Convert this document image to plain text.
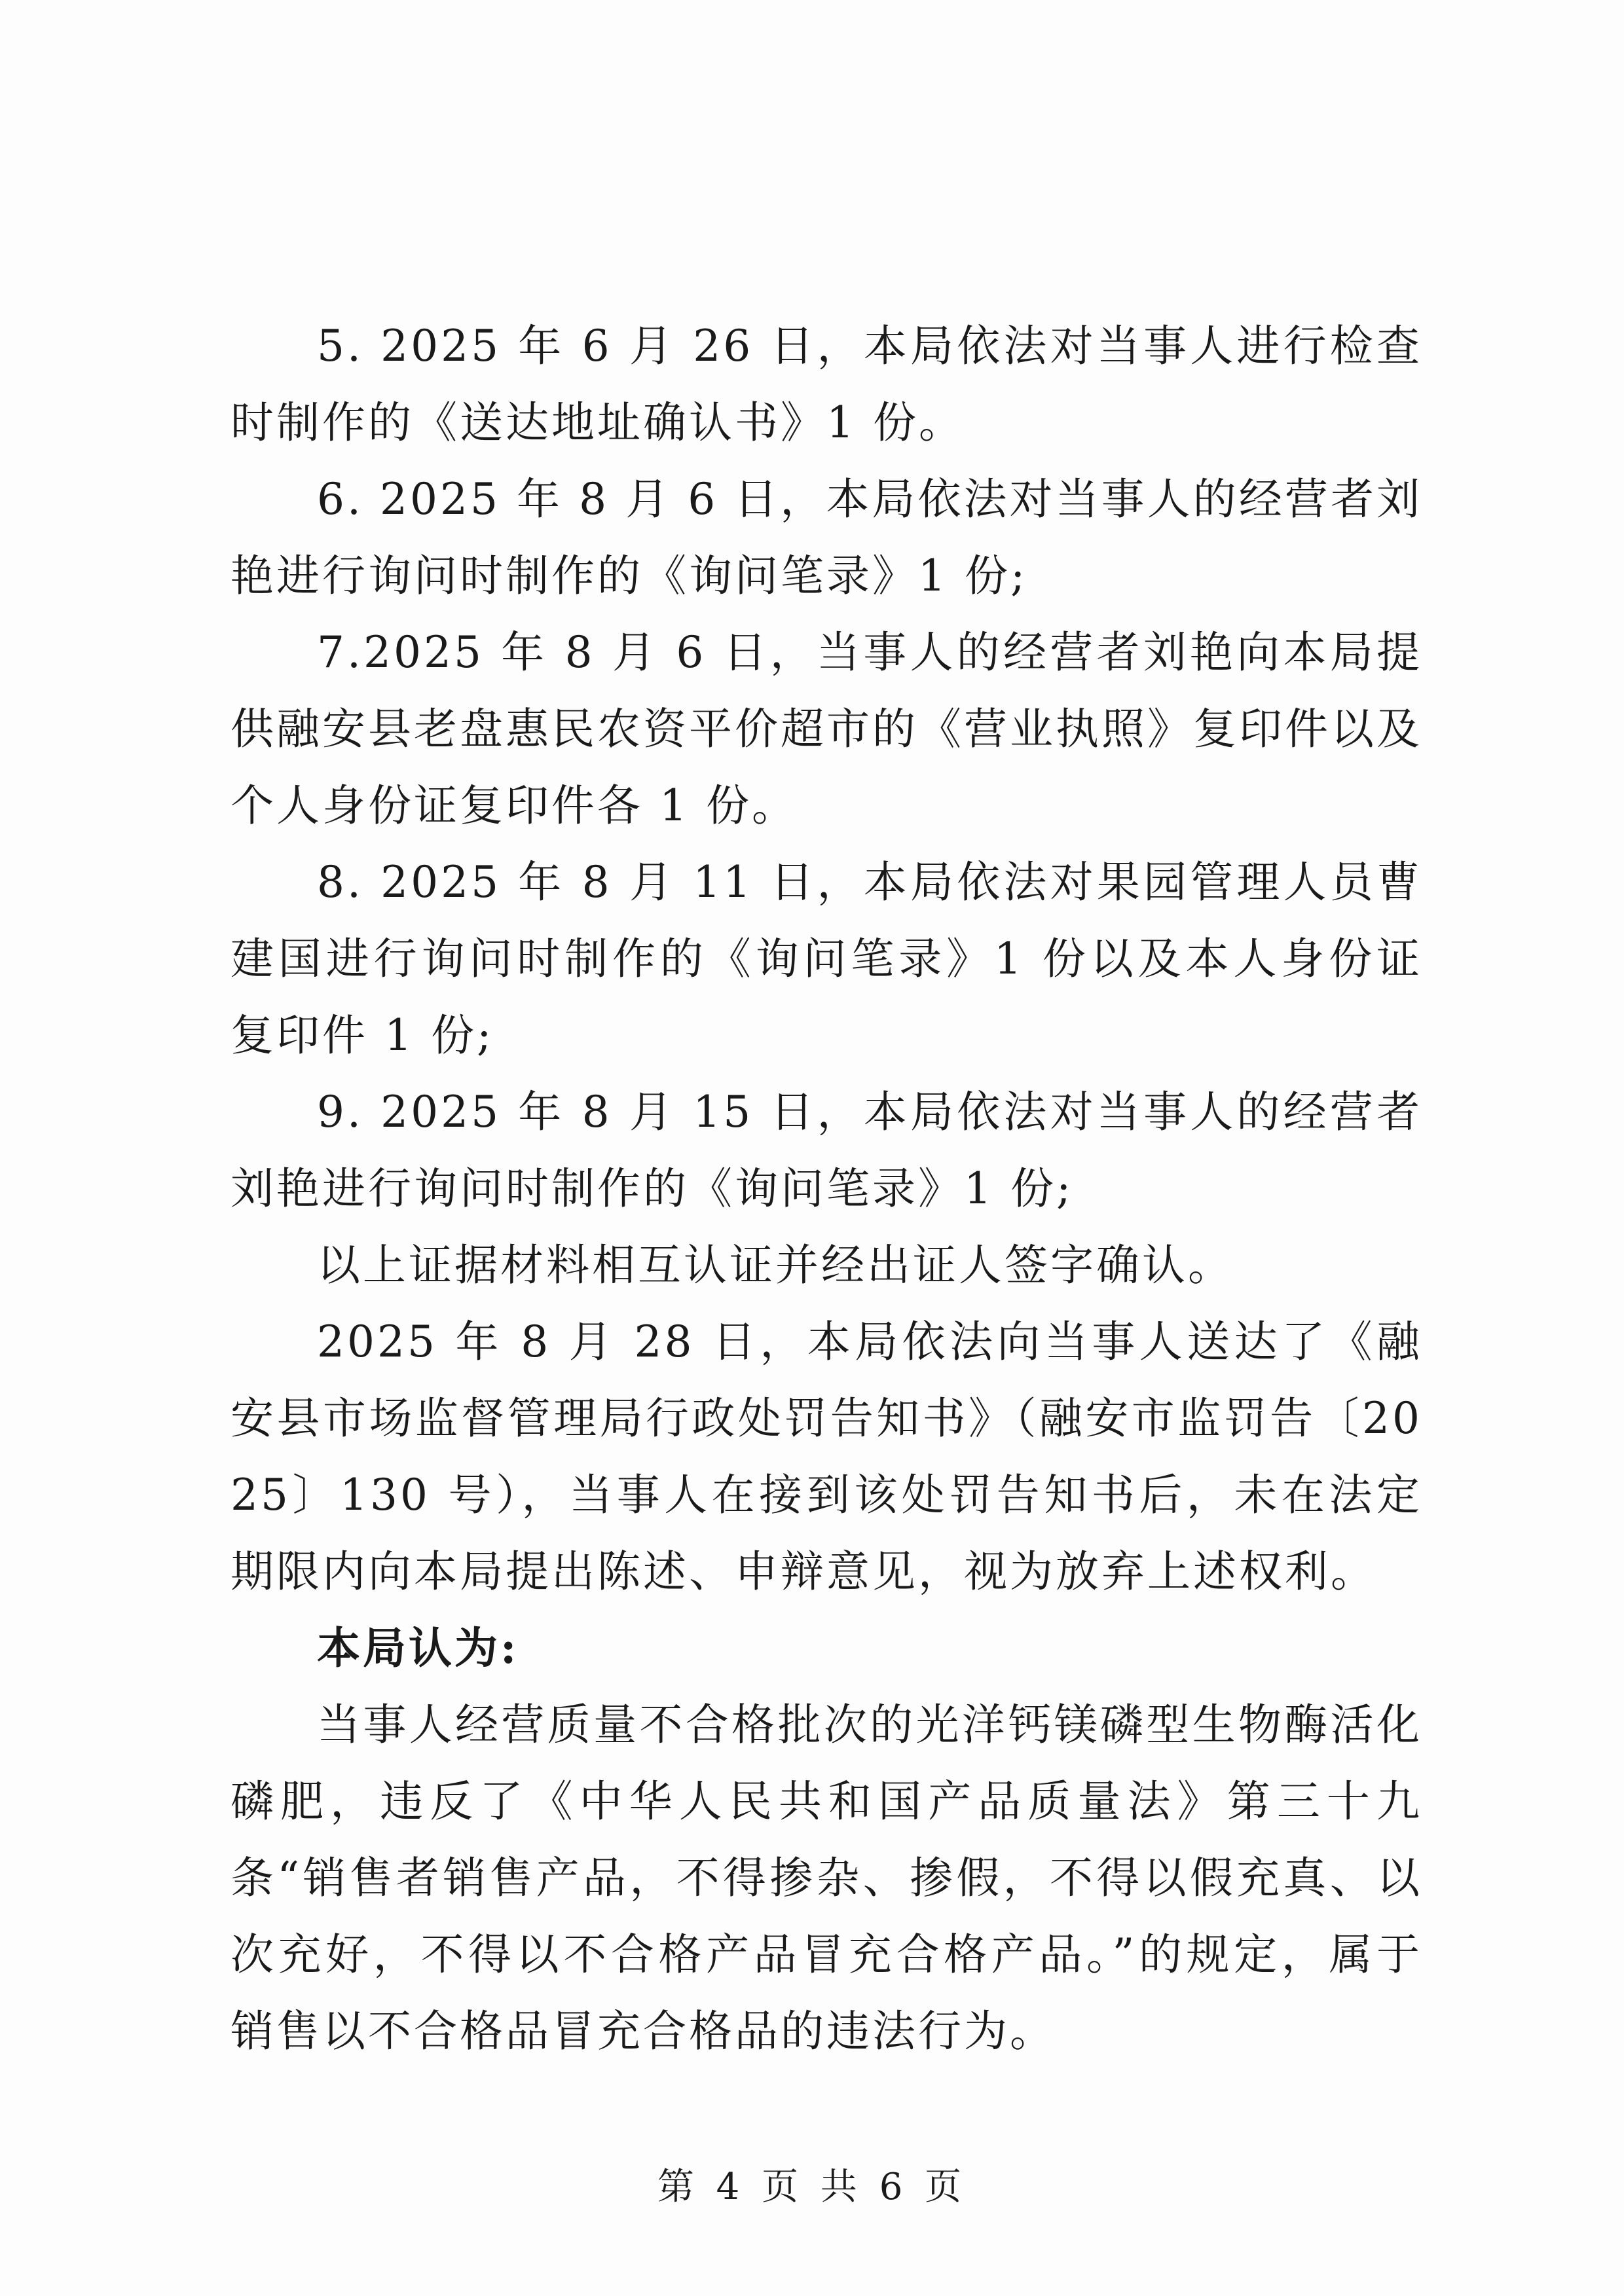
5. 2025 年 6 月 26 日，本局依法对当事人进行检查时制作的《送达地址确认书》1 份。

6. 2025 年 8 月 6 日，本局依法对当事人的经营者刘艳进行询问时制作的《询问笔录》1 份;

7.2025 年 8 月 6 日，当事人的经营者刘艳向本局提供融安县老盘惠民农资平价超市的《营业执照》复印件以及个人身份证复印件各 1 份。

8. 2025 年 8 月 11 日，本局依法对果园管理人员曹建国进行询问时制作的《询问笔录》1 份以及本人身份证复印件 1 份;

9. 2025 年 8 月 15 日，本局依法对当事人的经营者刘艳进行询问时制作的《询问笔录》1 份;

以上证据材料相互认证并经出证人签字确认。

2025 年 8 月 28 日，本局依法向当事人送达了《融安县市场监督管理局行政处罚告知书》（融安市监罚告〔2025〕130 号），当事人在接到该处罚告知书后，未在法定期限内向本局提出陈述、申辩意见，视为放弃上述权利。

本局认为:

当事人经营质量不合格批次的光洋钙镁磷型生物酶活化磷肥，违反了《中华人民共和国产品质量法》第三十九条“销售者销售产品，不得掺杂、掺假，不得以假充真、以次充好，不得以不合格产品冒充合格产品。”的规定，属于销售以不合格品冒充合格品的违法行为。

第 4 页 共 6 页
